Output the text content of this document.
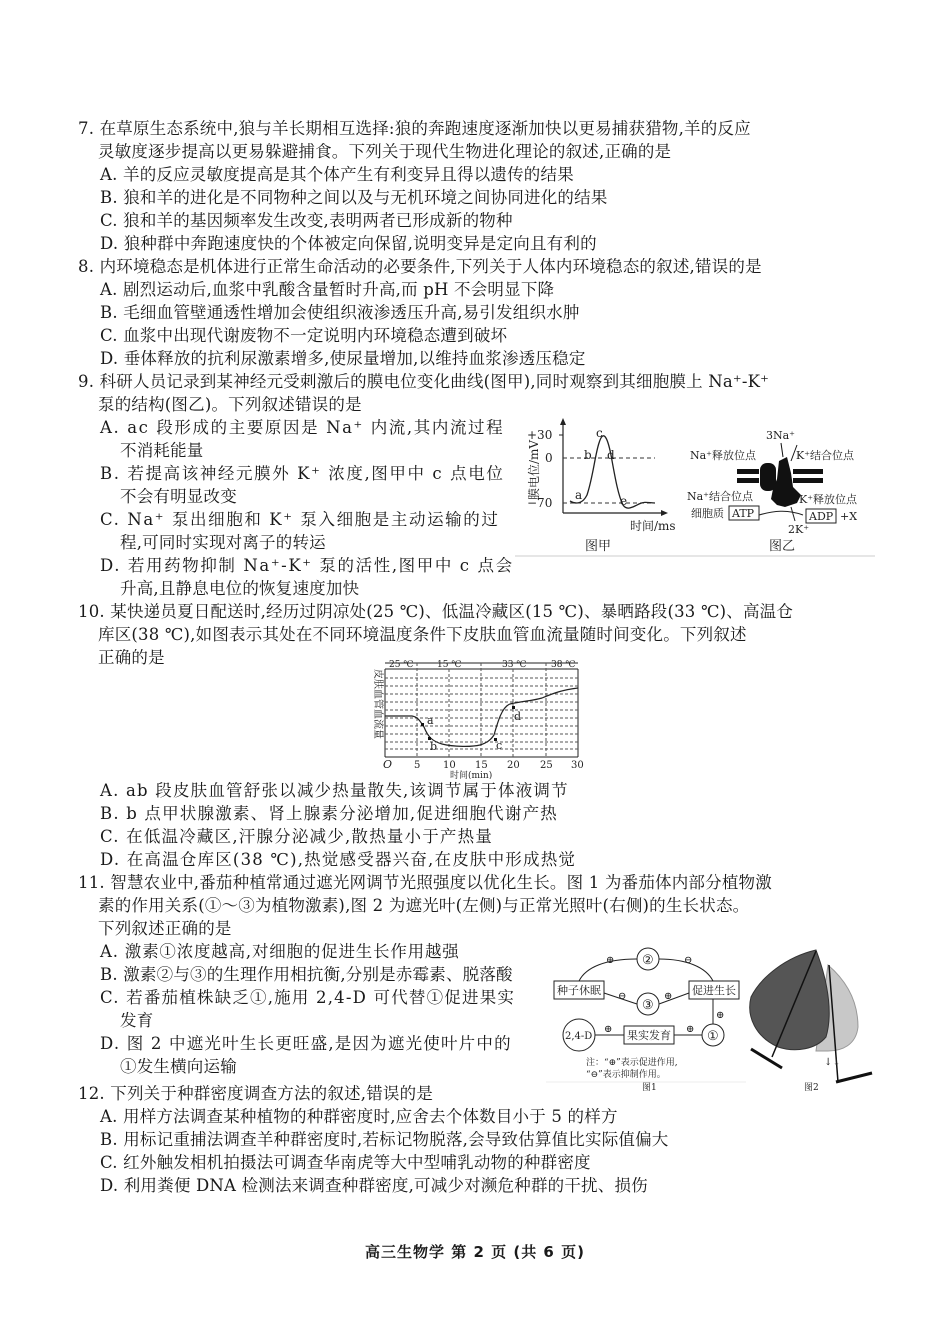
7. 在草原生态系统中,狼与羊长期相互选择:狼的奔跑速度逐渐加快以更易捕获猎物,羊的反应
灵敏度逐步提高以更易躲避捕食。下列关于现代生物进化理论的叙述,正确的是
A. 羊的反应灵敏度提高是其个体产生有利变异且得以遗传的结果
B. 狼和羊的进化是不同物种之间以及与无机环境之间协同进化的结果
C. 狼和羊的基因频率发生改变,表明两者已形成新的物种
D. 狼种群中奔跑速度快的个体被定向保留,说明变异是定向且有利的
8. 内环境稳态是机体进行正常生命活动的必要条件,下列关于人体内环境稳态的叙述,错误的是
A. 剧烈运动后,血浆中乳酸含量暂时升高,而 pH 不会明显下降
B. 毛细血管壁通透性增加会使组织液渗透压升高,易引发组织水肿
C. 血浆中出现代谢废物不一定说明内环境稳态遭到破坏
D. 垂体释放的抗利尿激素增多,使尿量增加,以维持血浆渗透压稳定
9. 科研人员记录到某神经元受刺激后的膜电位变化曲线(图甲),同时观察到其细胞膜上 Na⁺-K⁺
泵的结构(图乙)。下列叙述错误的是
A. ac 段形成的主要原因是 Na⁺ 内流,其内流过程
不消耗能量
B. 若提高该神经元膜外 K⁺ 浓度,图甲中 c 点电位
不会有明显改变
C. Na⁺ 泵出细胞和 K⁺ 泵入细胞是主动运输的过
程,可同时实现对离子的转运
D. 若用药物抑制 Na⁺-K⁺ 泵的活性,图甲中 c 点会
升高,且静息电位的恢复速度加快
+30
0
−70
a
b
c
d
e
时间/ms
膜电位/mV
图甲
3Na⁺
Na⁺释放位点	K⁺结合位点
Na⁺结合位点	K⁺释放位点
细胞质 ATP	ADP +X
2K⁺
图乙
10. 某快递员夏日配送时,经历过阴凉处(25 ℃)、低温冷藏区(15 ℃)、暴晒路段(33 ℃)、高温仓
库区(38 ℃),如图表示其处在不同环境温度条件下皮肤血管血流量随时间变化。下列叙述
正确的是
a
b	c
d
25 ℃	15 ℃	33 ℃	38 ℃
O 5 10 15 20 25 30
时间(min)
皮肤血管血流量
A. ab 段皮肤血管舒张以减少热量散失,该调节属于体液调节
B. b 点甲状腺激素、肾上腺素分泌增加,促进细胞代谢产热
C. 在低温冷藏区,汗腺分泌减少,散热量小于产热量
D. 在高温仓库区(38 ℃),热觉感受器兴奋,在皮肤中形成热觉
11. 智慧农业中,番茄种植常通过遮光网调节光照强度以优化生长。图 1 为番茄体内部分植物激
素的作用关系(①～③为植物激素),图 2 为遮光叶(左侧)与正常光照叶(右侧)的生长状态。
下列叙述正确的是
A. 激素①浓度越高,对细胞的促进生长作用越强
B. 激素②与③的生理作用相抗衡,分别是赤霉素、脱落酸
C. 若番茄植株缺乏①,施用 2,4-D 可代替①促进果实
发育
D. 图 2 中遮光叶生长更旺盛,是因为遮光使叶片中的
①发生横向运输
②
③
①
2,4-D
种子休眠	促进生长
果实发育
⊕	⊖
⊖	⊕
⊕
⊕	⊕
注：“⊕”表示促进作用,
“⊖”表示抑制作用。
图1
↓↓
图2
12. 下列关于种群密度调查方法的叙述,错误的是
A. 用样方法调查某种植物的种群密度时,应舍去个体数目小于 5 的样方
B. 用标记重捕法调查羊种群密度时,若标记物脱落,会导致估算值比实际值偏大
C. 红外触发相机拍摄法可调查华南虎等大中型哺乳动物的种群密度
D. 利用粪便 DNA 检测法来调查种群密度,可减少对濒危种群的干扰、损伤
高三生物学 第 2 页 (共 6 页)
